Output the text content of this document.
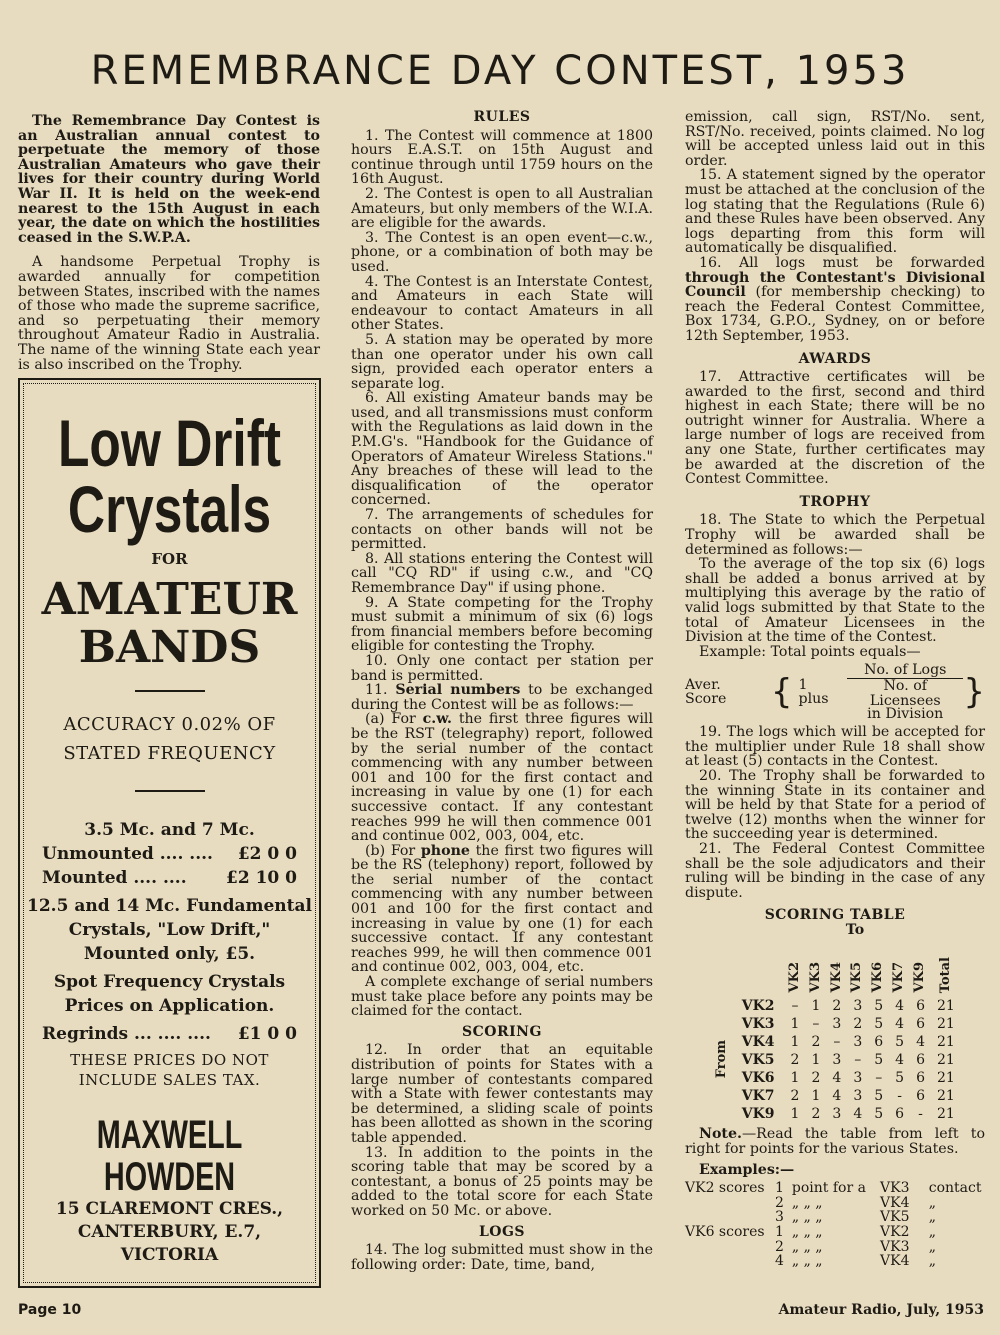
REMEMBRANCE DAY CONTEST, 1953

The Remembrance Day Contest is an Australian annual contest to perpetuate the memory of those Australian Amateurs who gave their lives for their country during World War II. It is held on the week-end nearest to the 15th August in each year, the date on which the hostilities ceased in the S.W.P.A.

A handsome Perpetual Trophy is awarded annually for competition between States, inscribed with the names of those who made the supreme sacrifice, and so perpetuating their memory throughout Amateur Radio in Australia. The name of the winning State each year is also inscribed on the Trophy.

Low Drift
Crystals
FOR
AMATEUR
BANDS
ACCURACY 0.02% OF
STATED FREQUENCY
3.5 Mc. and 7 Mc.
Unmounted .... .... £2 0 0
Mounted .... .... £2 10 0
12.5 and 14 Mc. Fundamental
Crystals, "Low Drift,"
Mounted only, £5.
Spot Frequency Crystals
Prices on Application.
Regrinds ... .... .... £1 0 0
THESE PRICES DO NOT
INCLUDE SALES TAX.
MAXWELL HOWDEN
15 CLAREMONT CRES.,
CANTERBURY, E.7,
VICTORIA
RULES

1. The Contest will commence at 1800 hours E.A.S.T. on 15th August and continue through until 1759 hours on the 16th August.

2. The Contest is open to all Australian Amateurs, but only members of the W.I.A. are eligible for the awards.

3. The Contest is an open event—c.w., phone, or a combination of both may be used.

4. The Contest is an Interstate Contest, and Amateurs in each State will endeavour to contact Amateurs in all other States.

5. A station may be operated by more than one operator under his own call sign, provided each operator enters a separate log.

6. All existing Amateur bands may be used, and all transmissions must conform with the Regulations as laid down in the P.M.G's. "Handbook for the Guidance of Operators of Amateur Wireless Stations." Any breaches of these will lead to the disqualification of the operator concerned.

7. The arrangements of schedules for contacts on other bands will not be permitted.

8. All stations entering the Contest will call "CQ RD" if using c.w., and "CQ Remembrance Day" if using phone.

9. A State competing for the Trophy must submit a minimum of six (6) logs from financial members before becoming eligible for contesting the Trophy.

10. Only one contact per station per band is permitted.

11. Serial numbers to be exchanged during the Contest will be as follows:—

(a) For c.w. the first three figures will be the RST (telegraphy) report, followed by the serial number of the contact commencing with any number between 001 and 100 for the first contact and increasing in value by one (1) for each successive contact. If any contestant reaches 999 he will then commence 001 and continue 002, 003, 004, etc.

(b) For phone the first two figures will be the RS (telephony) report, followed by the serial number of the contact commencing with any number between 001 and 100 for the first contact and increasing in value by one (1) for each successive contact. If any contestant reaches 999, he will then commence 001 and continue 002, 003, 004, etc.

A complete exchange of serial numbers must take place before any points may be claimed for the contact.

SCORING

12. In order that an equitable distribution of points for States with a large number of contestants compared with a State with fewer contestants may be determined, a sliding scale of points has been allotted as shown in the scoring table appended.

13. In addition to the points in the scoring table that may be scored by a contestant, a bonus of 25 points may be added to the total score for each State worked on 50 Mc. or above.

LOGS

14. The log submitted must show in the following order: Date, time, band,

emission, call sign, RST/No. sent, RST/No. received, points claimed. No log will be accepted unless laid out in this order.

15. A statement signed by the operator must be attached at the conclusion of the log stating that the Regulations (Rule 6) and these Rules have been observed. Any logs departing from this form will automatically be disqualified.

16. All logs must be forwarded through the Contestant's Divisional Council (for membership checking) to reach the Federal Contest Committee, Box 1734, G.P.O., Sydney, on or before 12th September, 1953.

AWARDS

17. Attractive certificates will be awarded to the first, second and third highest in each State; there will be no outright winner for Australia. Where a large number of logs are received from any one State, further certificates may be awarded at the discretion of the Contest Committee.

TROPHY

18. The State to which the Perpetual Trophy will be awarded shall be determined as follows:—

To the average of the top six (6) logs shall be added a bonus arrived at by multiplying this average by the ratio of valid logs submitted by that State to the total of Amateur Licensees in the Division at the time of the Contest.

Example: Total points equals—

Aver. Score	{ 1 plus
No. of Logs
No. of Licensees
in Division
}

19. The logs which will be accepted for the multiplier under Rule 18 shall show at least (5) contacts in the Contest.

20. The Trophy shall be forwarded to the winning State in its container and will be held by that State for a period of twelve (12) months when the winner for the succeeding year is determined.

21. The Federal Contest Committee shall be the sole adjudicators and their ruling will be binding in the case of any dispute.

SCORING TABLE
To
		VK2	VK3	VK4	VK5	VK6	VK7	VK9	Total
	VK2	–	1	2	3	5	4	6	21
	VK3	1	–	3	2	5	4	6	21
From	VK4	1	2	–	3	6	5	4	21
	VK5	2	1	3	–	5	4	6	21
	VK6	1	2	4	3	–	5	6	21
	VK7	2	1	4	3	5	-	6	21
	VK9	1	2	3	4	5	6	-	21

Note.—Read the table from left to right for points for the various States.

Examples:—
VK2 scores 1 point for a	VK3	contact
2 „ „ „	VK4	„
3 „ „ „	VK5	„
VK6 scores 1 „ „ „	VK2	„
2 „ „ „	VK3	„
4 „ „ „	VK4	„
Page 10	Amateur Radio, July, 1953
